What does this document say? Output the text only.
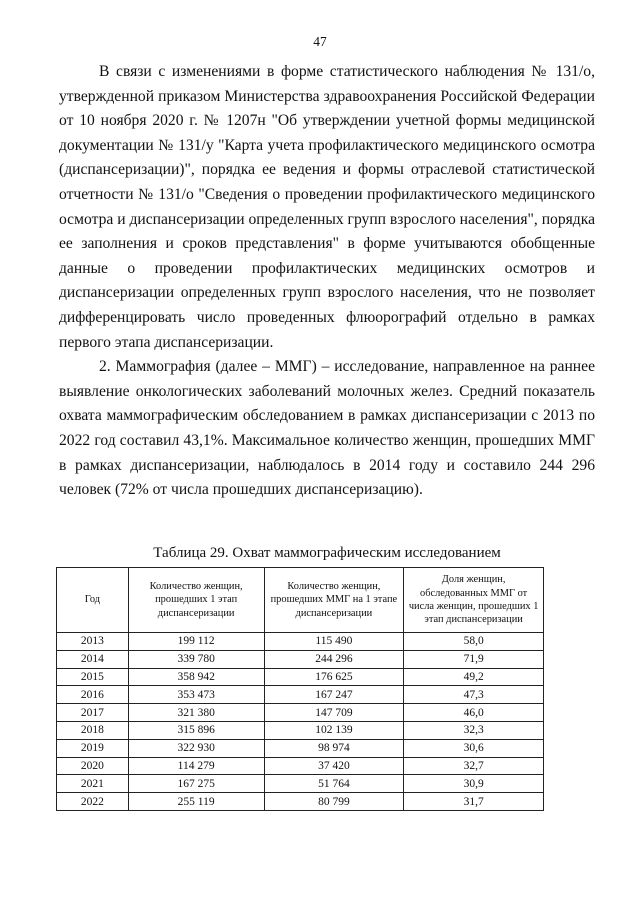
47

В связи с изменениями в форме статистического наблюдения № 131/о, утвержденной приказом Министерства здравоохранения Российской Федерации от 10 ноября 2020 г. № 1207н "Об утверждении учетной формы медицинской документации № 131/у "Карта учета профилактического медицинского осмотра (диспансеризации)", порядка ее ведения и формы отраслевой статистической отчетности № 131/о "Сведения о проведении профилактического медицинского осмотра и диспансеризации определенных групп взрослого населения", порядка ее заполнения и сроков представления" в форме учитываются обобщенные данные о проведении профилактических медицинских осмотров и диспансеризации определенных групп взрослого населения, что не позволяет дифференцировать число проведенных флюорографий отдельно в рамках первого этапа диспансеризации.

2. Маммография (далее – ММГ) – исследование, направленное на раннее выявление онкологических заболеваний молочных желез. Средний показатель охвата маммографическим обследованием в рамках диспансеризации с 2013 по 2022 год составил 43,1%. Максимальное количество женщин, прошедших ММГ в рамках диспансеризации, наблюдалось в 2014 году и составило 244 296 человек (72% от числа прошедших диспансеризацию).

Таблица 29. Охват маммографическим исследованием
Год	Количество женщин, прошедших 1 этап диспансеризации	Количество женщин, прошедших ММГ на 1 этапе диспансеризации	Доля женщин, обследованных ММГ от числа женщин, прошедших 1 этап диспансеризации
2013	199 112	115 490	58,0
2014	339 780	244 296	71,9
2015	358 942	176 625	49,2
2016	353 473	167 247	47,3
2017	321 380	147 709	46,0
2018	315 896	102 139	32,3
2019	322 930	98 974	30,6
2020	114 279	37 420	32,7
2021	167 275	51 764	30,9
2022	255 119	80 799	31,7
